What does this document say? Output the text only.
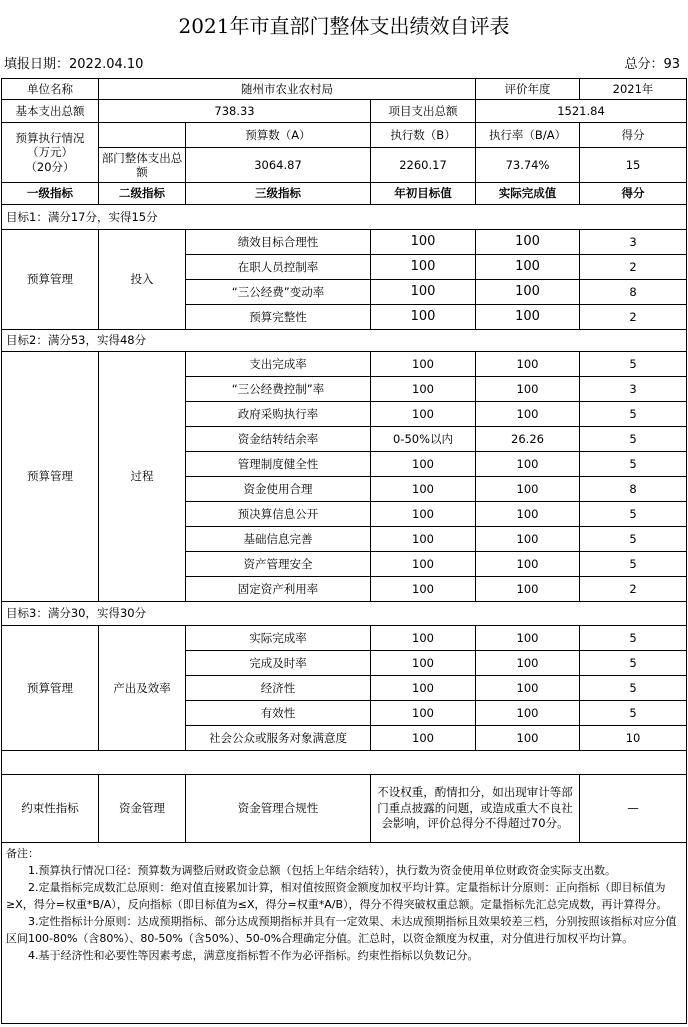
2021年市直部门整体支出绩效自评表
填报日期：2022.04.10	总分：93
单位名称	随州市农业农村局			评价年度	2021年
基本支出总额	738.33		项目支出总额	1521.84	
预算执行情况
（万元）
（20分）		预算数（A）	执行数（B）	执行率（B/A）	得分
	部门整体支出总额	3064.87	2260.17	73.74%	15
一级指标	二级指标	三级指标	年初目标值	实际完成值	得分
目标1：满分17分，实得15分					
预算管理	投入	绩效目标合理性	100	100	3
		在职人员控制率	100	100	2
		“三公经费”变动率	100	100	8
		预算完整性	100	100	2
目标2：满分53，实得48分					
预算管理	过程	支出完成率	100	100	5
		“三公经费控制”率	100	100	3
		政府采购执行率	100	100	5
		资金结转结余率	0-50%以内	26.26	5
		管理制度健全性	100	100	5
		资金使用合理	100	100	8
		预决算信息公开	100	100	5
		基础信息完善	100	100	5
		资产管理安全	100	100	5
		固定资产利用率	100	100	2
目标3：满分30，实得30分					
预算管理	产出及效率	实际完成率	100	100	5
		完成及时率	100	100	5
		经济性	100	100	5
		有效性	100	100	5
		社会公众或服务对象满意度	100	100	10

约束性指标	资金管理	资金管理合规性	不设权重，酌情扣分，如出现审计等部门重点披露的问题，或造成重大不良社会影响，评价总得分不得超过70分。		—

备注：
1.预算执行情况口径：预算数为调整后财政资金总额（包括上年结余结转），执行数为资金使用单位财政资金实际支出数。
2.定量指标完成数汇总原则：绝对值直接累加计算，相对值按照资金额度加权平均计算。定量指标计分原则：正向指标（即目标值为≥X，得分=权重*B/A），反向指标（即目标值为≤X，得分=权重*A/B），得分不得突破权重总额。定量指标先汇总完成数，再计算得分。
3.定性指标计分原则：达成预期指标、部分达成预期指标并具有一定效果、未达成预期指标且效果较差三档，分别按照该指标对应分值区间100-80%（含80%）、80-50%（含50%）、50-0%合理确定分值。汇总时，以资金额度为权重，对分值进行加权平均计算。
4.基于经济性和必要性等因素考虑，满意度指标暂不作为必评指标。约束性指标以负数记分。					
